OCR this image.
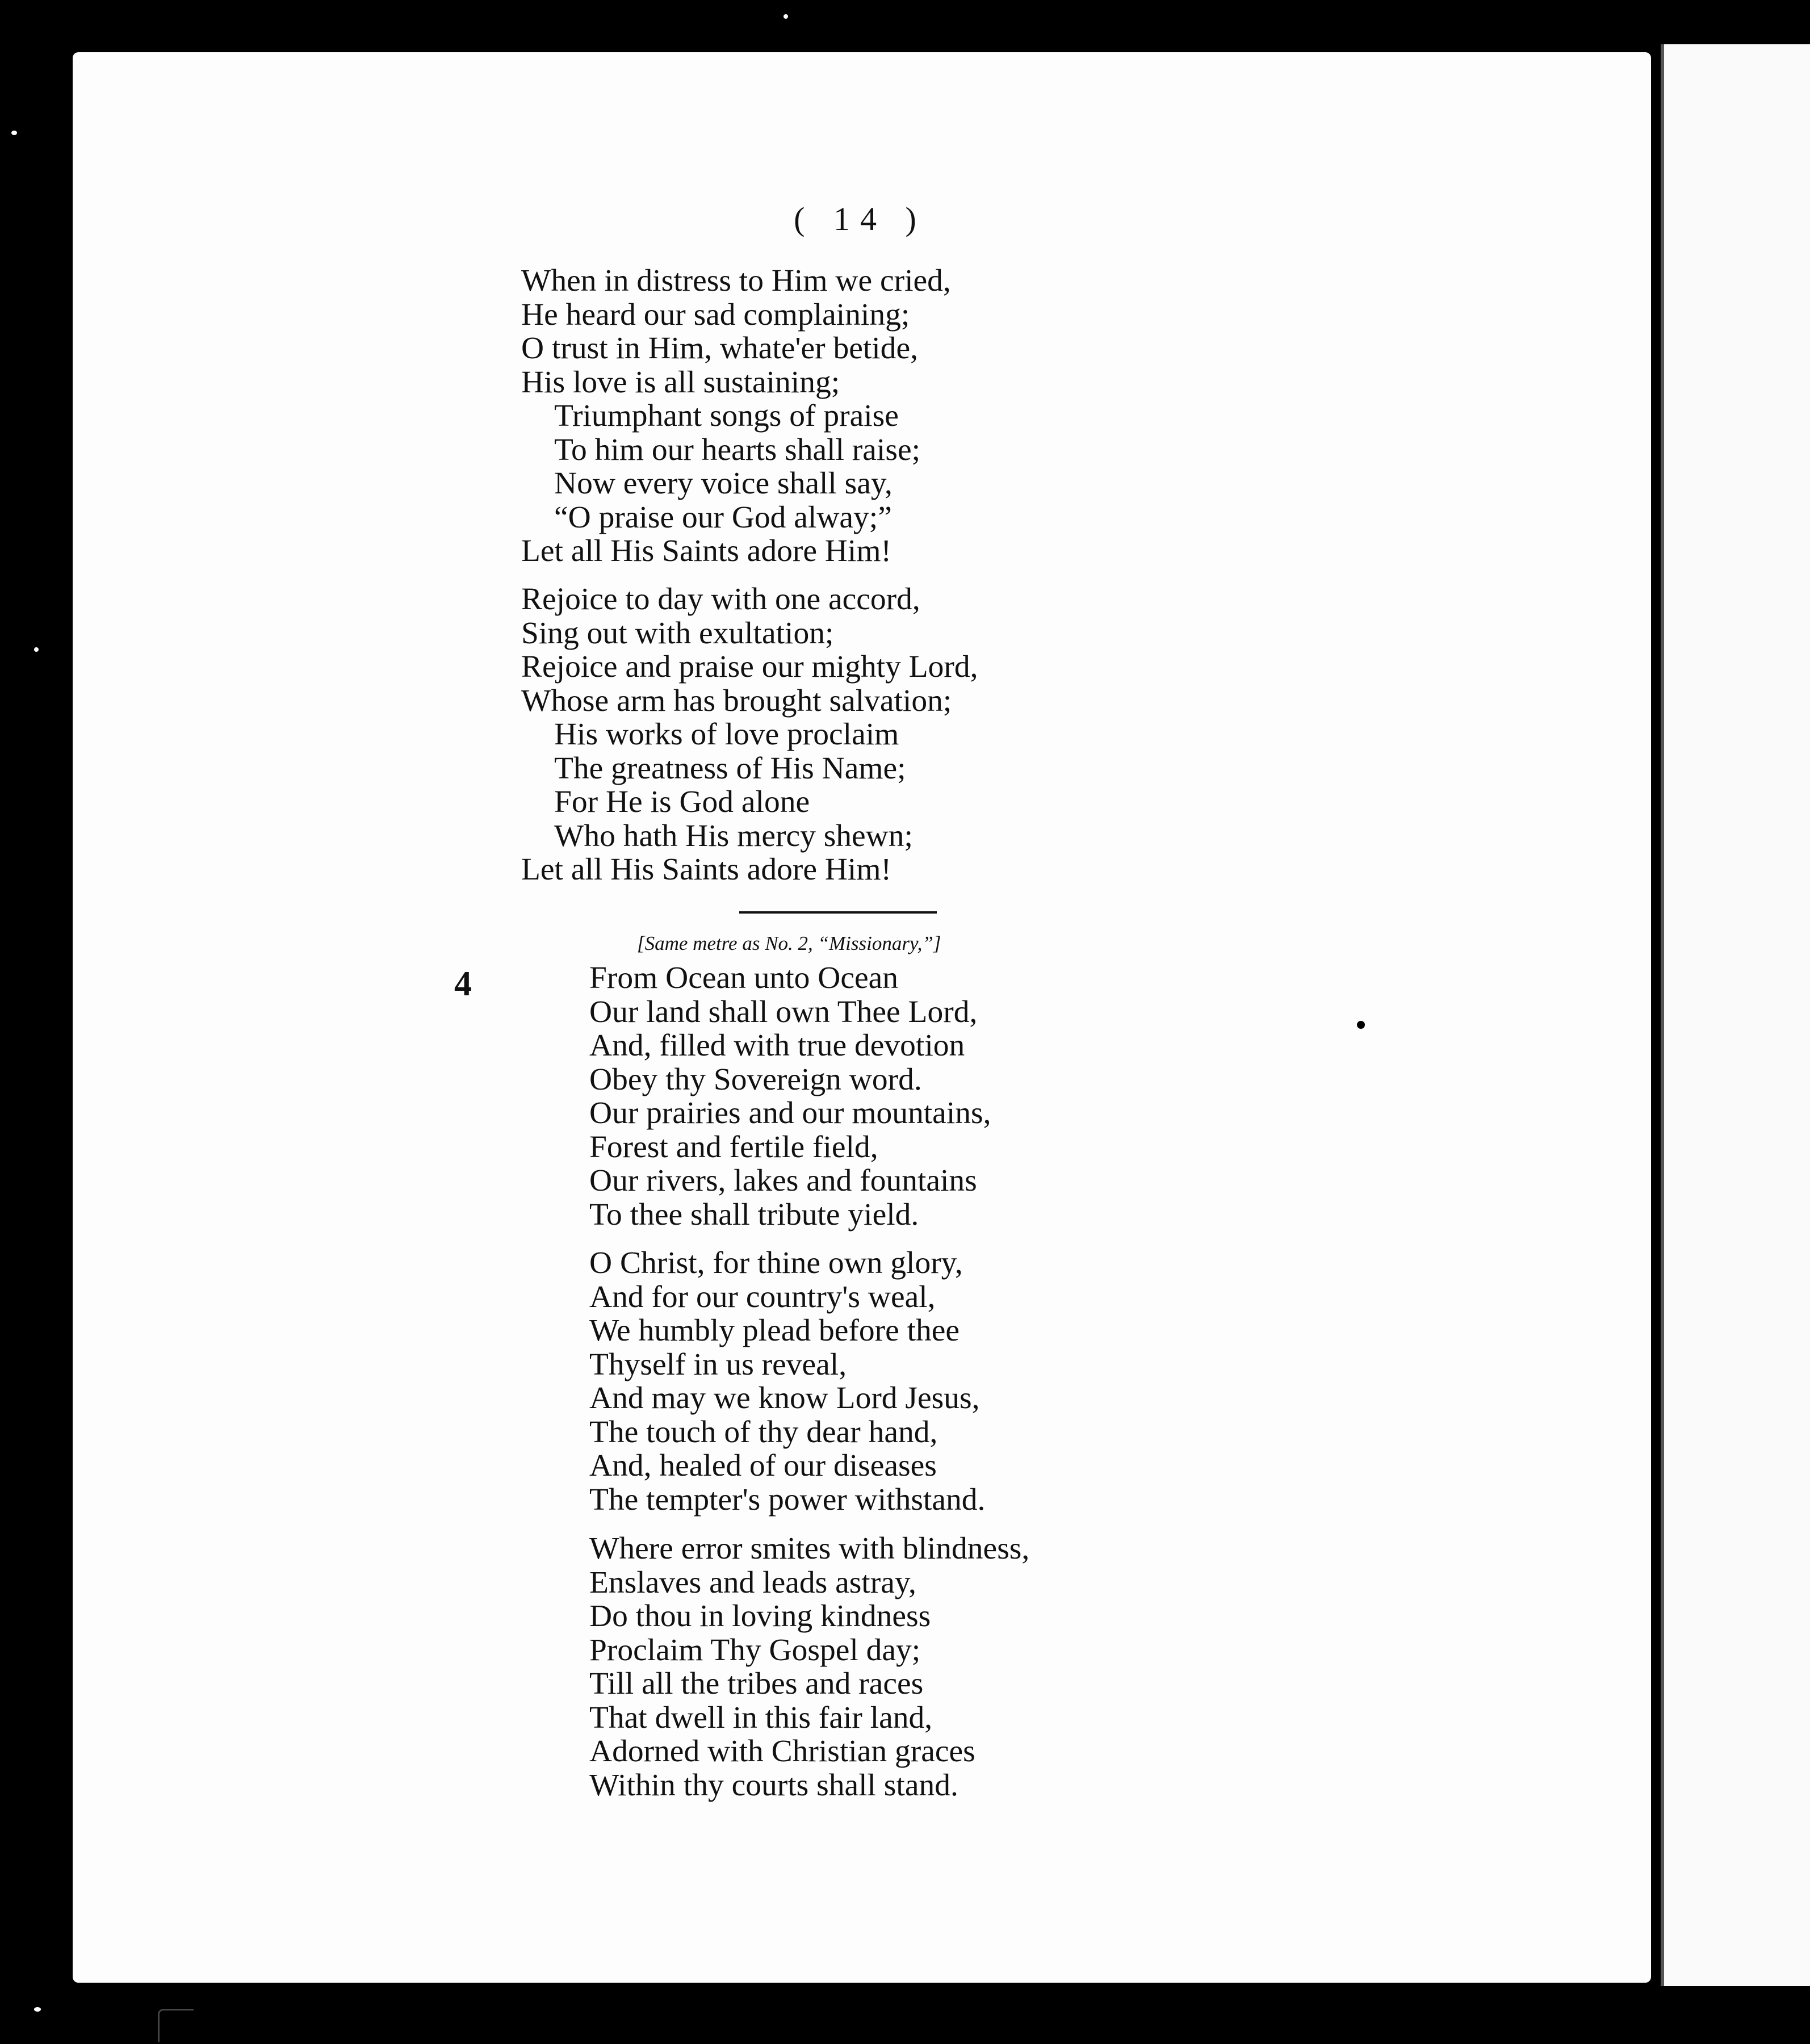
( 14 )
When in distress to Him we cried,
He heard our sad complaining;
O trust in Him, whate'er betide,
His love is all sustaining;
Triumphant songs of praise
To him our hearts shall raise;
Now every voice shall say,
“O praise our God alway;”
Let all His Saints adore Him!
Rejoice to day with one accord,
Sing out with exultation;
Rejoice and praise our mighty Lord,
Whose arm has brought salvation;
His works of love proclaim
The greatness of His Name;
For He is God alone
Who hath His mercy shewn;
Let all His Saints adore Him!
[Same metre as No. 2, “Missionary,”]
4	From Ocean unto Ocean
Our land shall own Thee Lord,
And, filled with true devotion
Obey thy Sovereign word.
Our prairies and our mountains,
Forest and fertile field,
Our rivers, lakes and fountains
To thee shall tribute yield.
O Christ, for thine own glory,
And for our country's weal,
We humbly plead before thee
Thyself in us reveal,
And may we know Lord Jesus,
The touch of thy dear hand,
And, healed of our diseases
The tempter's power withstand.
Where error smites with blindness,
Enslaves and leads astray,
Do thou in loving kindness
Proclaim Thy Gospel day;
Till all the tribes and races
That dwell in this fair land,
Adorned with Christian graces
Within thy courts shall stand.
